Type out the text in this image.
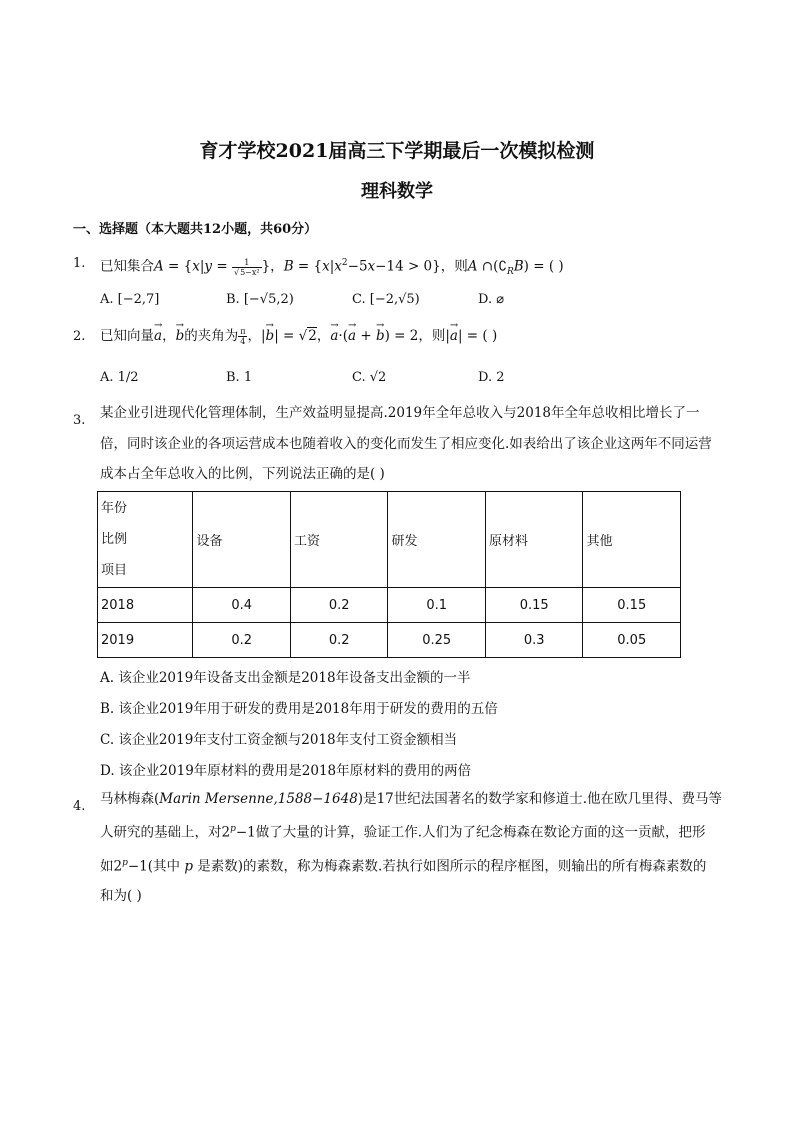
育才学校2021届高三下学期最后一次模拟检测
理科数学
一、选择题（本大题共12小题，共60分）
1. 已知集合$A = \{x|y = \frac{1}{\text{√5−x²}}$ }，$B = \{x|x^2-5x-14 > 0\}$，则A $\cap(∁_RB)$ = ( )
A. [−2,7]	B. [−√5,2)	C. [−2,√5)	D. ⌀
2. 已知向量→ a，→ b的夹角为 $\frac{\pi}{4}$ ，|→ b| = √2，→ a·(→ a + → b) = 2，则|→ a| = ( )
A. 1/2	B. 1	C. √2	D. 2
3. 某企业引进现代化管理体制，生产效益明显提高.2019年全年总收入与2018年全年总收相比增长了一倍，同时该企业的各项运营成本也随着收入的变化而发生了相应变化.如表给出了该企业这两年不同运营成本占全年总收入的比例，下列说法正确的是( )
年份
比例
项目	设备	工资	研发	原材料	其他
2018	0.4	0.2	0.1	0.15	0.15
2019	0.2	0.2	0.25	0.3	0.05
A. 该企业2019年设备支出金额是2018年设备支出金额的一半
B. 该企业2019年用于研发的费用是2018年用于研发的费用的五倍
C. 该企业2019年支付工资金额与2018年支付工资金额相当
D. 该企业2019年原材料的费用是2018年原材料的费用的两倍
4. 马林梅森(Marin Mersenne,1588−1648)是17世纪法国著名的数学家和修道士.他在欧几里得、费马等
人研究的基础上，对$2^p-1$做了大量的计算，验证工作.人们为了纪念梅森在数论方面的这一贡献，把形
如$2^p-1$(其中 p 是素数)的素数，称为梅森素数.若执行如图所示的程序框图，则输出的所有梅森素数的
和为( )
